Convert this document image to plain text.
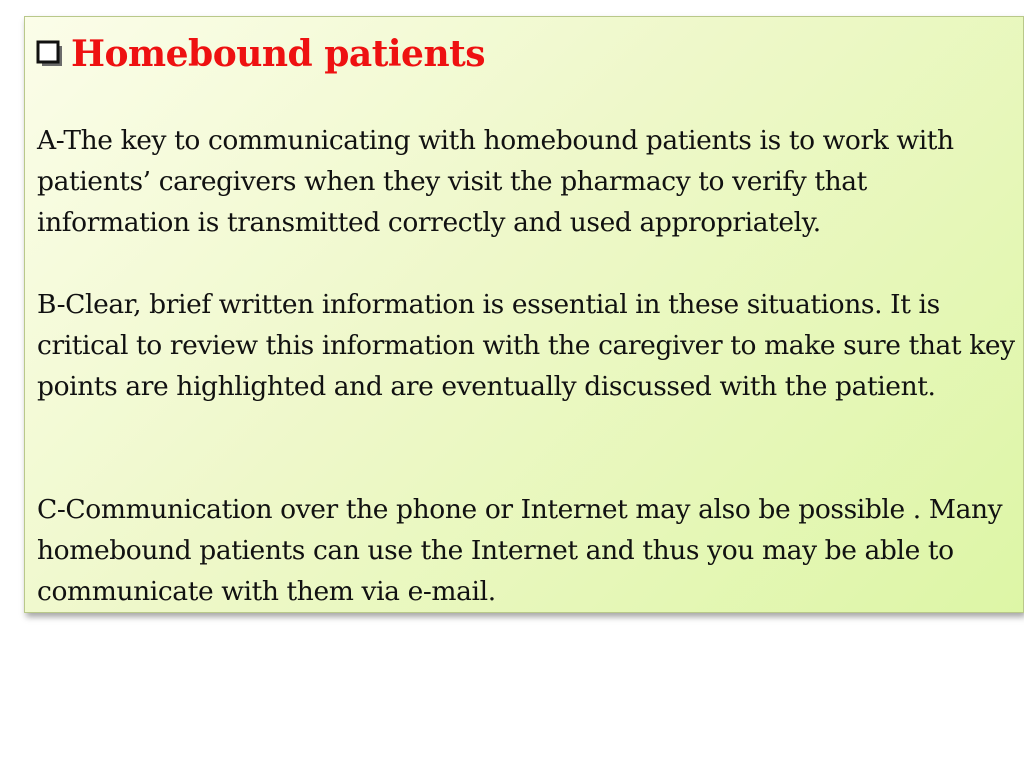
Homebound patients

A-The key to communicating with homebound patients is to work with patients’ caregivers when they visit the pharmacy to verify that information is transmitted correctly and used appropriately.

B-Clear, brief written information is essential in these situations. It is critical to review this information with the caregiver to make sure that key points are highlighted and are eventually discussed with the patient.

C-Communication over the phone or Internet may also be possible . Many homebound patients can use the Internet and thus you may be able to communicate with them via e-mail.
